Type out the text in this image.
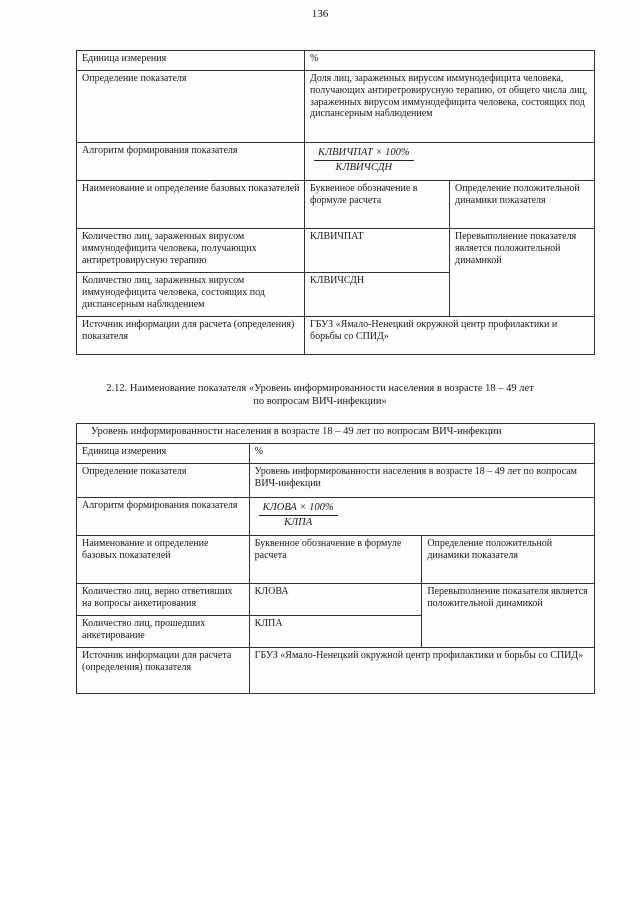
136
Единица измерения	%	
Определение показателя	Доля лиц, зараженных вирусом иммунодефицита человека, получающих антиретровирусную терапию, от общего числа лиц, зараженных вирусом иммунодефицита человека, состоящих под диспансерным наблюдением	
Алгоритм формирования показателя	$\frac{\text{КЛВИЧПАТ × 100\%}}{\text{КЛВИЧСДН}}$

Наименование и определение базовых показателей	Буквенное обозначение в формуле расчета	Определение положительной динамики показателя
Количество лиц, зараженных вирусом иммунодефицита человека, получающих антиретровирусную терапию	КЛВИЧПАТ	Перевыполнение показателя является положительной динамикой
Количество лиц, зараженных вирусом иммунодефицита человека, состоящих под диспансерным наблюдением	КЛВИЧСДН	
Источник информации для расчета (определения) показателя	ГБУЗ «Ямало-Ненецкий окружной центр профилактики и борьбы со СПИД»	
2.12. Наименование показателя «Уровень информированности населения в возрасте 18 – 49 лет по вопросам ВИЧ-инфекции»
Уровень информированности населения в возрасте 18 – 49 лет по вопросам ВИЧ-инфекции		
Единица измерения	%	
Определение показателя	Уровень информированности населения в возрасте 18 – 49 лет по вопросам ВИЧ-инфекции	
Алгоритм формирования показателя	$\frac{\text{КЛОВА × 100\%}}{\text{КЛПА}}$

Наименование и определение базовых показателей	Буквенное обозначение в формуле расчета	Определение положительной динамики показателя
Количество лиц, верно ответивших на вопросы анкетирования	КЛОВА	Перевыполнение показателя является положительной динамикой
Количество лиц, прошедших анкетирование	КЛПА	
Источник информации для расчета (определения) показателя	ГБУЗ «Ямало-Ненецкий окружной центр профилактики и борьбы со СПИД»	
